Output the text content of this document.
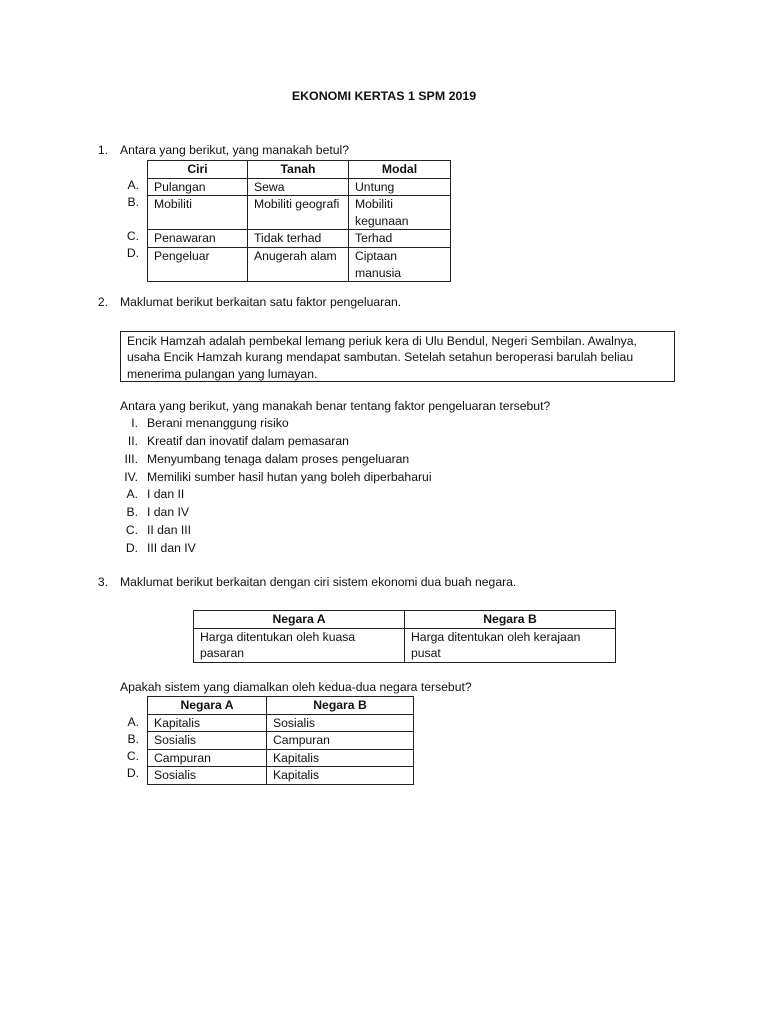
EKONOMI KERTAS 1 SPM 2019
1. Antara yang berikut, yang manakah betul?
A.
B.
C.
D.
Ciri	Tanah	Modal
Pulangan	Sewa	Untung
Mobiliti	Mobiliti geografi	Mobiliti kegunaan
Penawaran	Tidak terhad	Terhad
Pengeluar	Anugerah alam	Ciptaan manusia
2. Maklumat berikut berkaitan satu faktor pengeluaran.
Encik Hamzah adalah pembekal lemang periuk kera di Ulu Bendul, Negeri Sembilan. Awalnya, usaha Encik Hamzah kurang mendapat sambutan. Setelah setahun beroperasi barulah beliau menerima pulangan yang lumayan.
Antara yang berikut, yang manakah benar tentang faktor pengeluaran tersebut?
I. Berani menanggung risiko
II. Kreatif dan inovatif dalam pemasaran
III. Menyumbang tenaga dalam proses pengeluaran
IV. Memiliki sumber hasil hutan yang boleh diperbaharui
A. I dan II
B. I dan IV
C. II dan III
D. III dan IV
3. Maklumat berikut berkaitan dengan ciri sistem ekonomi dua buah negara.
Negara A	Negara B
Harga ditentukan oleh kuasa pasaran	Harga ditentukan oleh kerajaan pusat
Apakah sistem yang diamalkan oleh kedua-dua negara tersebut?
A.
B.
C.
D.
Negara A	Negara B
Kapitalis	Sosialis
Sosialis	Campuran
Campuran	Kapitalis
Sosialis	Kapitalis
